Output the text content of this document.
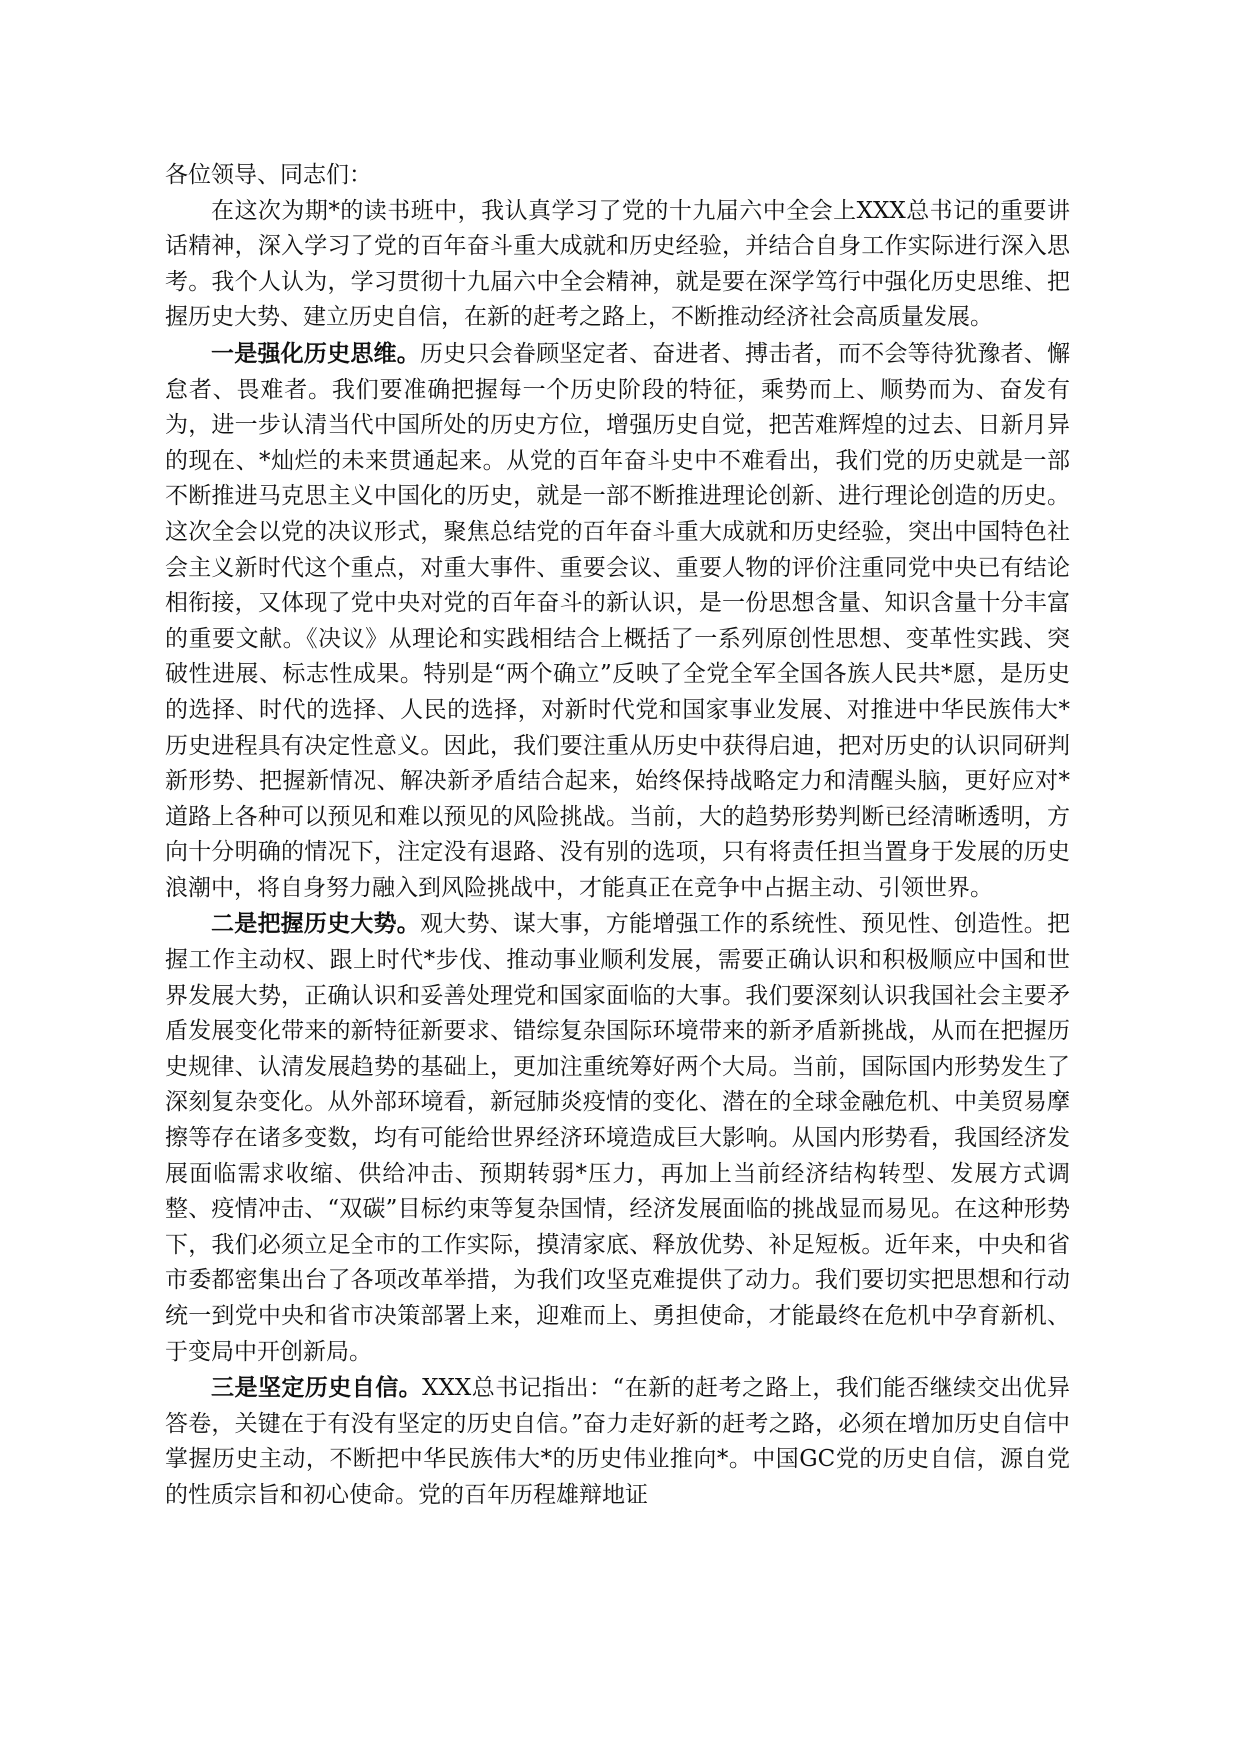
各位领导、同志们：

在这次为期*的读书班中，我认真学习了党的十九届六中全会上XXX总书记的重要讲话精神，深入学习了党的百年奋斗重大成就和历史经验，并结合自身工作实际进行深入思考。我个人认为，学习贯彻十九届六中全会精神，就是要在深学笃行中强化历史思维、把握历史大势、建立历史自信，在新的赶考之路上，不断推动经济社会高质量发展。

一是强化历史思维。历史只会眷顾坚定者、奋进者、搏击者，而不会等待犹豫者、懈怠者、畏难者。我们要准确把握每一个历史阶段的特征，乘势而上、顺势而为、奋发有为，进一步认清当代中国所处的历史方位，增强历史自觉，把苦难辉煌的过去、日新月异的现在、*灿烂的未来贯通起来。从党的百年奋斗史中不难看出，我们党的历史就是一部不断推进马克思主义中国化的历史，就是一部不断推进理论创新、进行理论创造的历史。这次全会以党的决议形式，聚焦总结党的百年奋斗重大成就和历史经验，突出中国特色社会主义新时代这个重点，对重大事件、重要会议、重要人物的评价注重同党中央已有结论相衔接，又体现了党中央对党的百年奋斗的新认识，是一份思想含量、知识含量十分丰富的重要文献。《决议》从理论和实践相结合上概括了一系列原创性思想、变革性实践、突破性进展、标志性成果。特别是“两个确立”反映了全党全军全国各族人民共*愿，是历史的选择、时代的选择、人民的选择，对新时代党和国家事业发展、对推进中华民族伟大*历史进程具有决定性意义。因此，我们要注重从历史中获得启迪，把对历史的认识同研判新形势、把握新情况、解决新矛盾结合起来，始终保持战略定力和清醒头脑，更好应对*道路上各种可以预见和难以预见的风险挑战。当前，大的趋势形势判断已经清晰透明，方向十分明确的情况下，注定没有退路、没有别的选项，只有将责任担当置身于发展的历史浪潮中，将自身努力融入到风险挑战中，才能真正在竞争中占据主动、引领世界。

二是把握历史大势。观大势、谋大事，方能增强工作的系统性、预见性、创造性。把握工作主动权、跟上时代*步伐、推动事业顺利发展，需要正确认识和积极顺应中国和世界发展大势，正确认识和妥善处理党和国家面临的大事。我们要深刻认识我国社会主要矛盾发展变化带来的新特征新要求、错综复杂国际环境带来的新矛盾新挑战，从而在把握历史规律、认清发展趋势的基础上，更加注重统筹好两个大局。当前，国际国内形势发生了深刻复杂变化。从外部环境看，新冠肺炎疫情的变化、潜在的全球金融危机、中美贸易摩擦等存在诸多变数，均有可能给世界经济环境造成巨大影响。从国内形势看，我国经济发展面临需求收缩、供给冲击、预期转弱*压力，再加上当前经济结构转型、发展方式调整、疫情冲击、“双碳”目标约束等复杂国情，经济发展面临的挑战显而易见。在这种形势下，我们必须立足全市的工作实际，摸清家底、释放优势、补足短板。近年来，中央和省市委都密集出台了各项改革举措，为我们攻坚克难提供了动力。我们要切实把思想和行动统一到党中央和省市决策部署上来，迎难而上、勇担使命，才能最终在危机中孕育新机、于变局中开创新局。

三是坚定历史自信。XXX总书记指出：“在新的赶考之路上，我们能否继续交出优异答卷，关键在于有没有坚定的历史自信。”奋力走好新的赶考之路，必须在增加历史自信中掌握历史主动，不断把中华民族伟大*的历史伟业推向*。中国GC党的历史自信，源自党的性质宗旨和初心使命。党的百年历程雄辩地证
